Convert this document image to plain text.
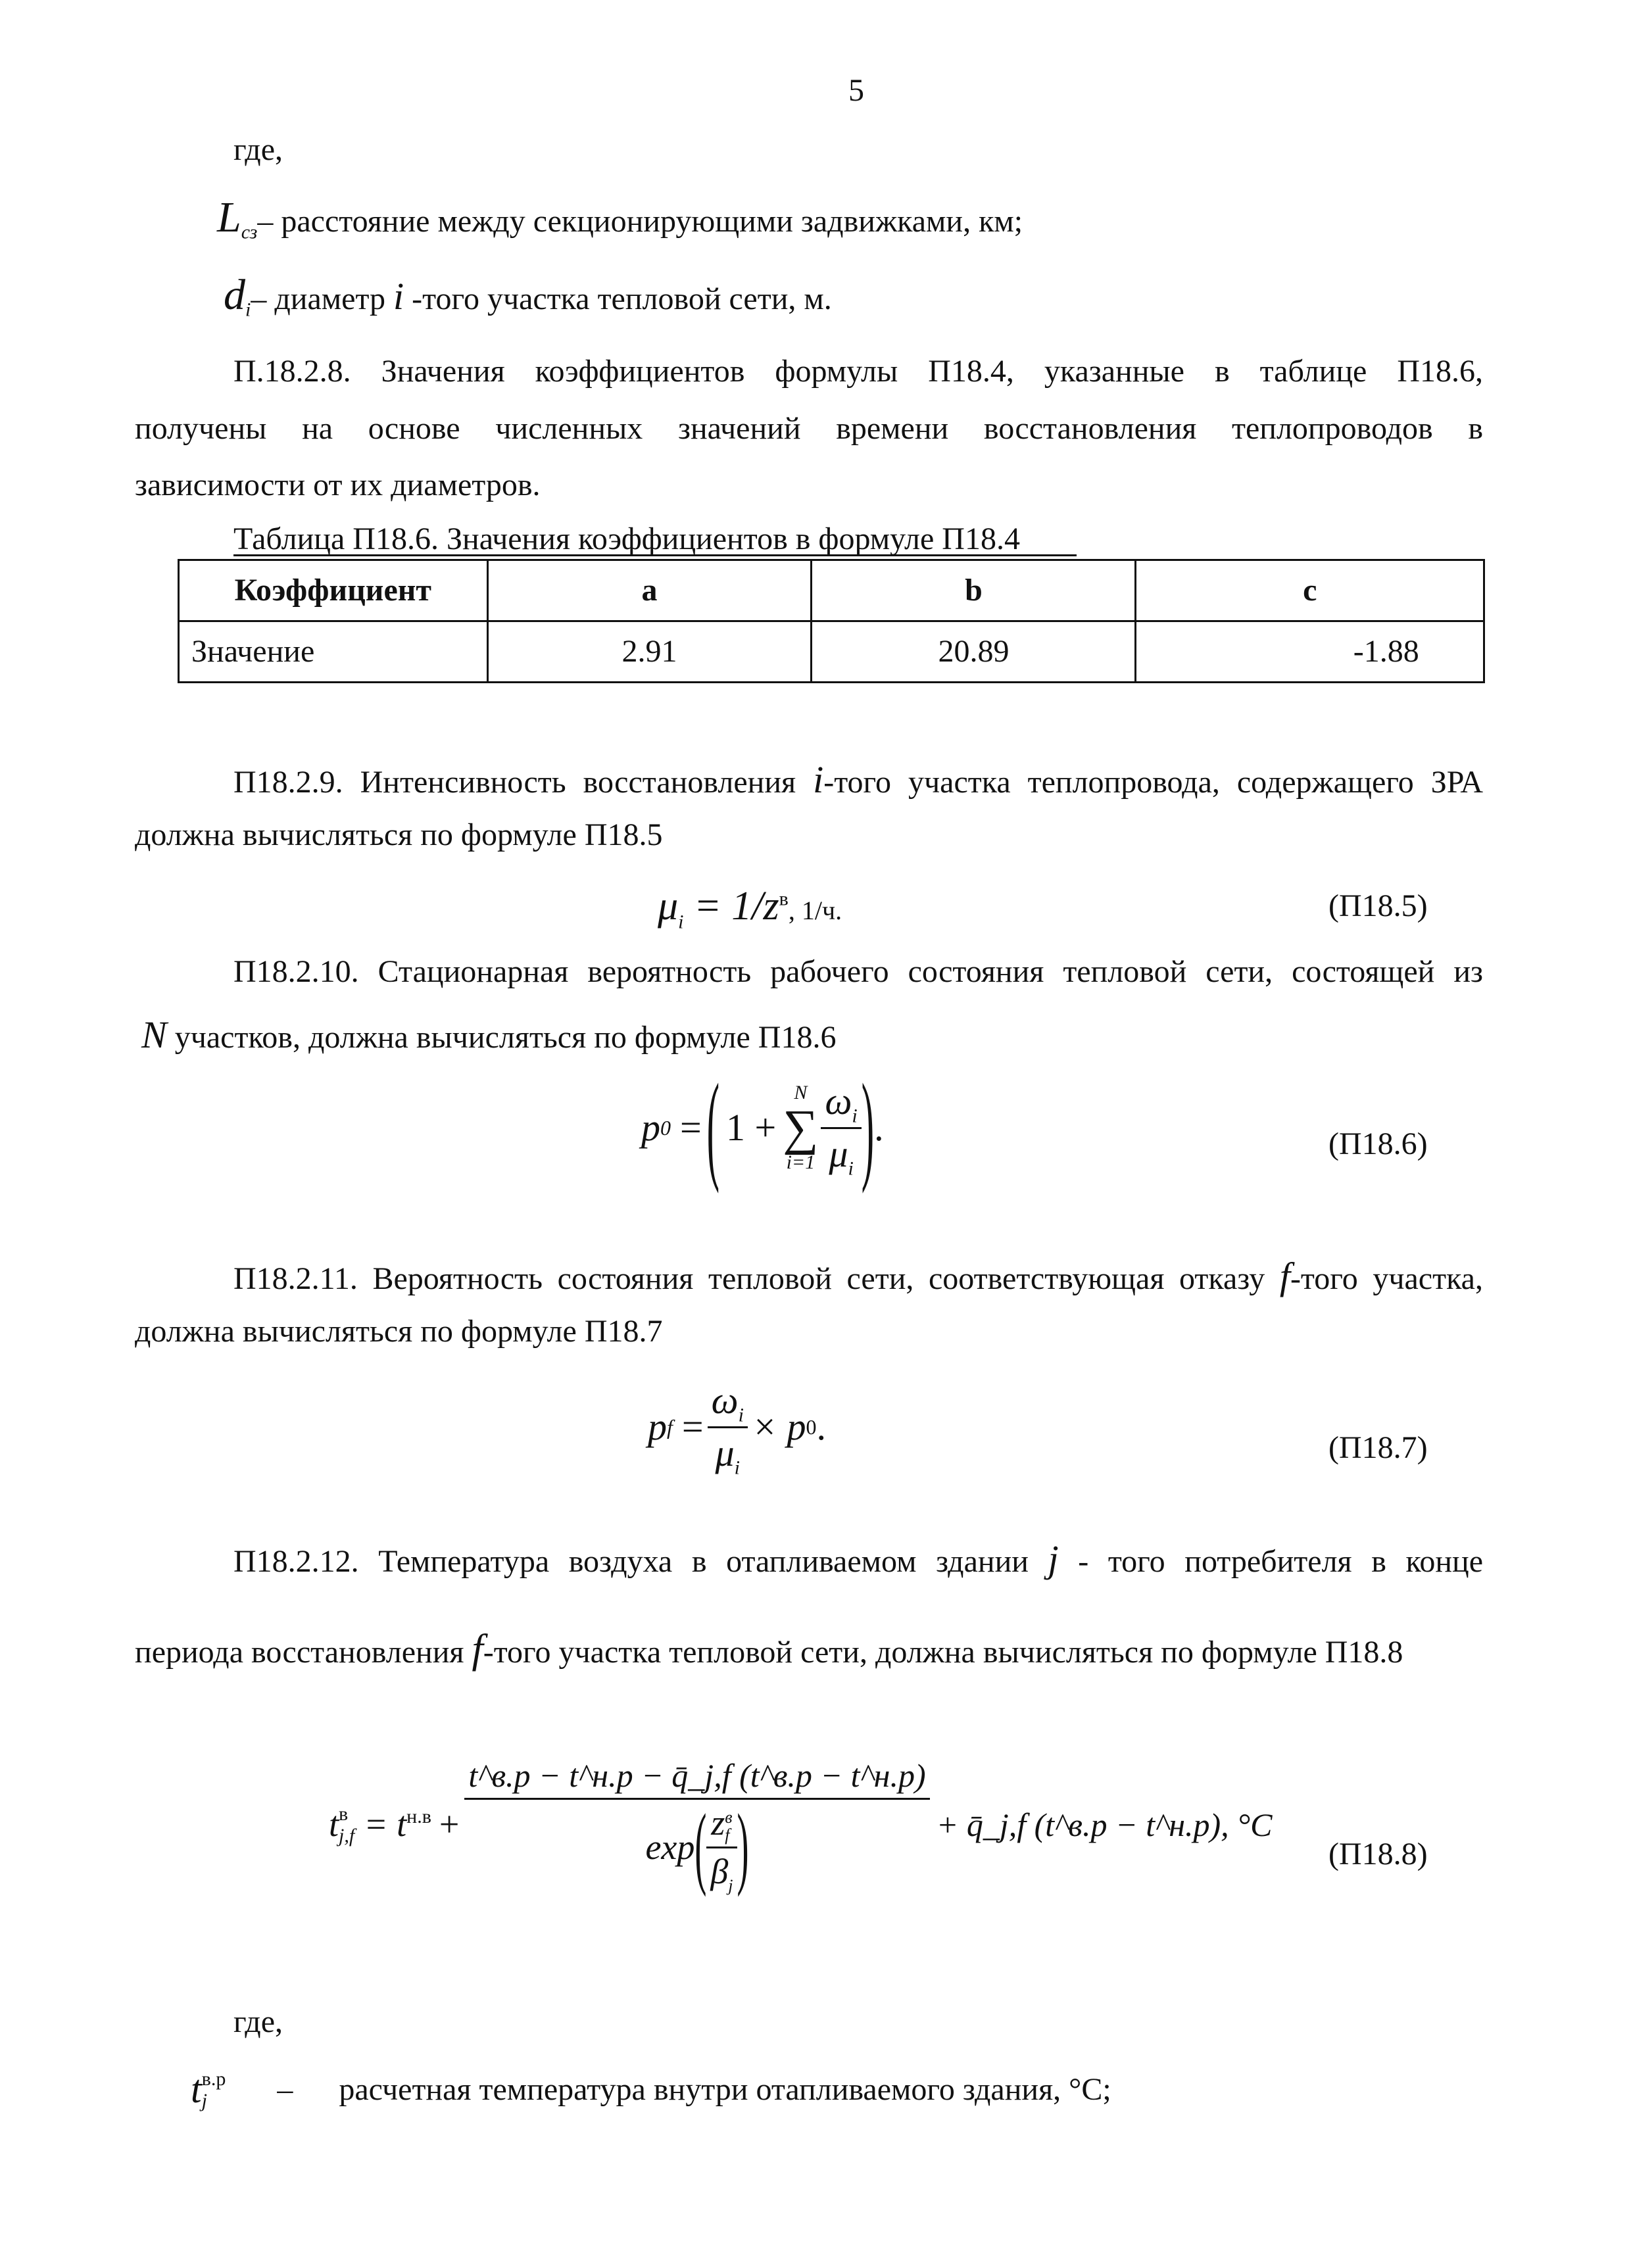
5
где,
$L_{сз}-$ расстояние между секционирующими задвижками, км;
$d_i-$ диаметр i -того участка тепловой сети, м.
П.18.2.8. Значения коэффициентов формулы П18.4, указанные в таблице П18.6,
получены на основе численных значений времени восстановления теплопроводов в
зависимости от их диаметров.
Таблица П18.6. Значения коэффициентов в формуле П18.4
Коэффициент	a	b	c
Значение	2.91	20.89	-1.88
П18.2.9. Интенсивность восстановления i-того участка теплопровода, содержащего ЗРА
должна вычисляться по формуле П18.5
$\mu_i = 1/z^в$, 1/ч.	(П18.5)
П18.2.10. Стационарная вероятность рабочего состояния тепловой сети, состоящей из
N участков, должна вычисляться по формуле П18.6
p 0 = ( 1 +
N
∑
$i=1 \frac{\omega_i}{\mu_i}$ ) .	(П18.6)
П18.2.11. Вероятность состояния тепловой сети, соответствующая отказу f-того участка,
должна вычисляться по формуле П18.7
p $f = \frac{\omega_i}{\mu_i} \times p$ 0 .	(П18.7)
П18.2.12. Температура воздуха в отапливаемом здании j - того потребителя в конце
периода восстановления f-того участка тепловой сети, должна вычисляться по формуле П18.8
t в
$j,f = t^{н.в}$ +
t^в.р − t^н.р − q̄_j,f (t^в.р − t^н.р)
exp ( z в
f
$\beta_j$ )	+ q̄_j,f (t^в.р − t^н.р), °C
(П18.8)
где,
t в.р
j	– расчетная температура внутри отапливаемого здания, °C;
